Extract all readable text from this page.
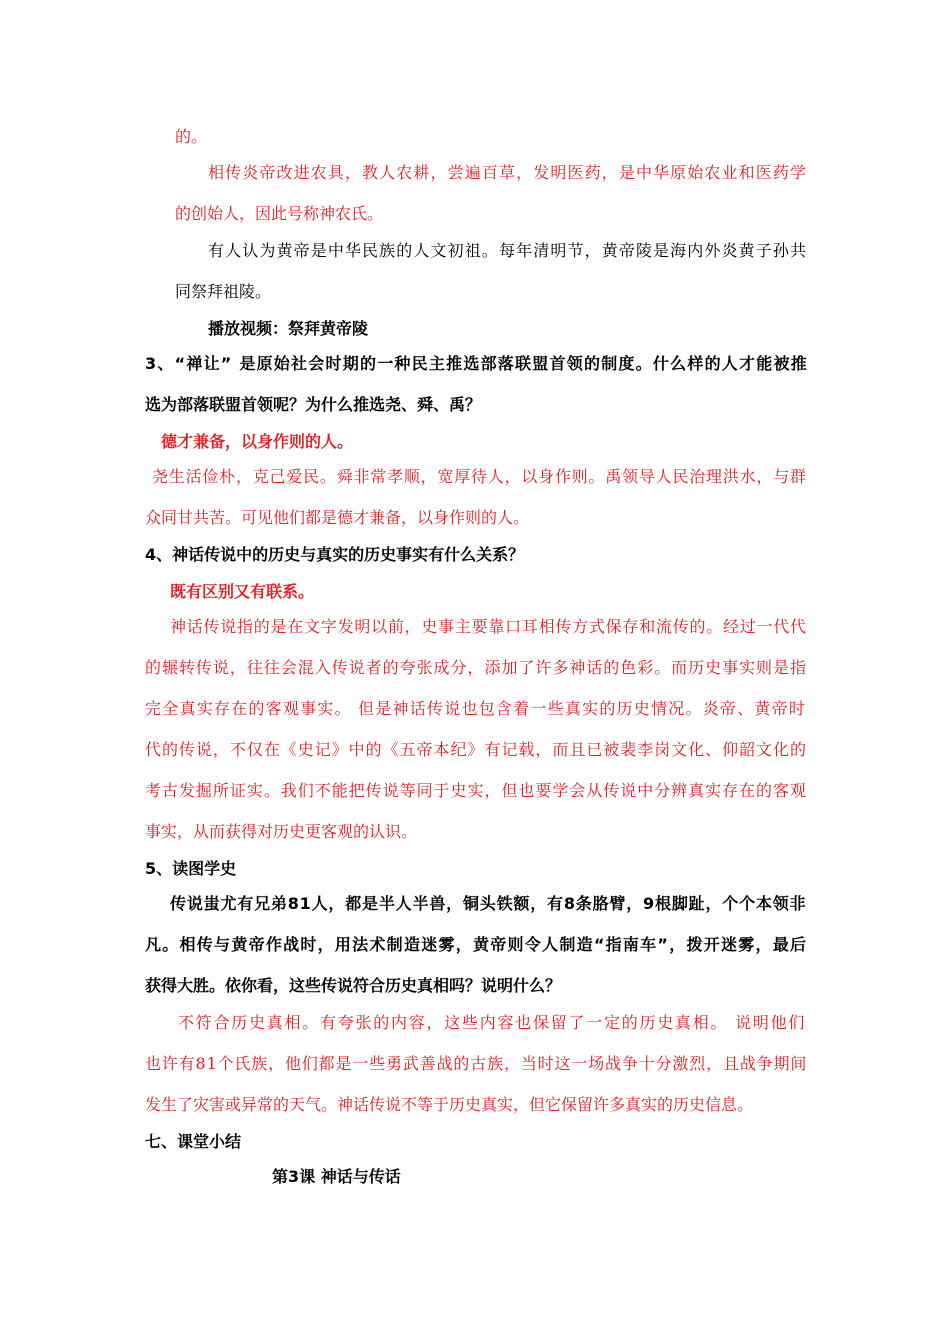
的。
相传炎帝改进农具，教人农耕，尝遍百草，发明医药，是中华原始农业和医药学
的创始人，因此号称神农氏。
有人认为黄帝是中华民族的人文初祖。每年清明节，黄帝陵是海内外炎黄子孙共
同祭拜祖陵。
播放视频：祭拜黄帝陵
3、“禅让” 是原始社会时期的一种民主推选部落联盟首领的制度。什么样的人才能被推
选为部落联盟首领呢？为什么推选尧、舜、禹？
德才兼备，以身作则的人。
尧生活俭朴，克己爱民。舜非常孝顺，宽厚待人，以身作则。禹领导人民治理洪水，与群
众同甘共苦。可见他们都是德才兼备，以身作则的人。
4、神话传说中的历史与真实的历史事实有什么关系？
既有区别又有联系。
神话传说指的是在文字发明以前，史事主要靠口耳相传方式保存和流传的。经过一代代
的辗转传说，往往会混入传说者的夸张成分，添加了许多神话的色彩。而历史事实则是指
完全真实存在的客观事实。 但是神话传说也包含着一些真实的历史情况。炎帝、黄帝时
代的传说，不仅在《史记》中的《五帝本纪》有记载，而且已被裴李岗文化、仰韶文化的
考古发掘所证实。我们不能把传说等同于史实，但也要学会从传说中分辨真实存在的客观
事实，从而获得对历史更客观的认识。
5、读图学史
传说蚩尤有兄弟81人，都是半人半兽，铜头铁额，有8条胳臂，9根脚趾，个个本领非
凡。相传与黄帝作战时，用法术制造迷雾，黄帝则令人制造“指南车”，拨开迷雾，最后
获得大胜。依你看，这些传说符合历史真相吗？说明什么？
不符合历史真相。有夸张的内容，这些内容也保留了一定的历史真相。 说明他们
也许有81个氏族，他们都是一些勇武善战的古族，当时这一场战争十分激烈，且战争期间
发生了灾害或异常的天气。神话传说不等于历史真实，但它保留许多真实的历史信息。
七、课堂小结
第3课 神话与传话
